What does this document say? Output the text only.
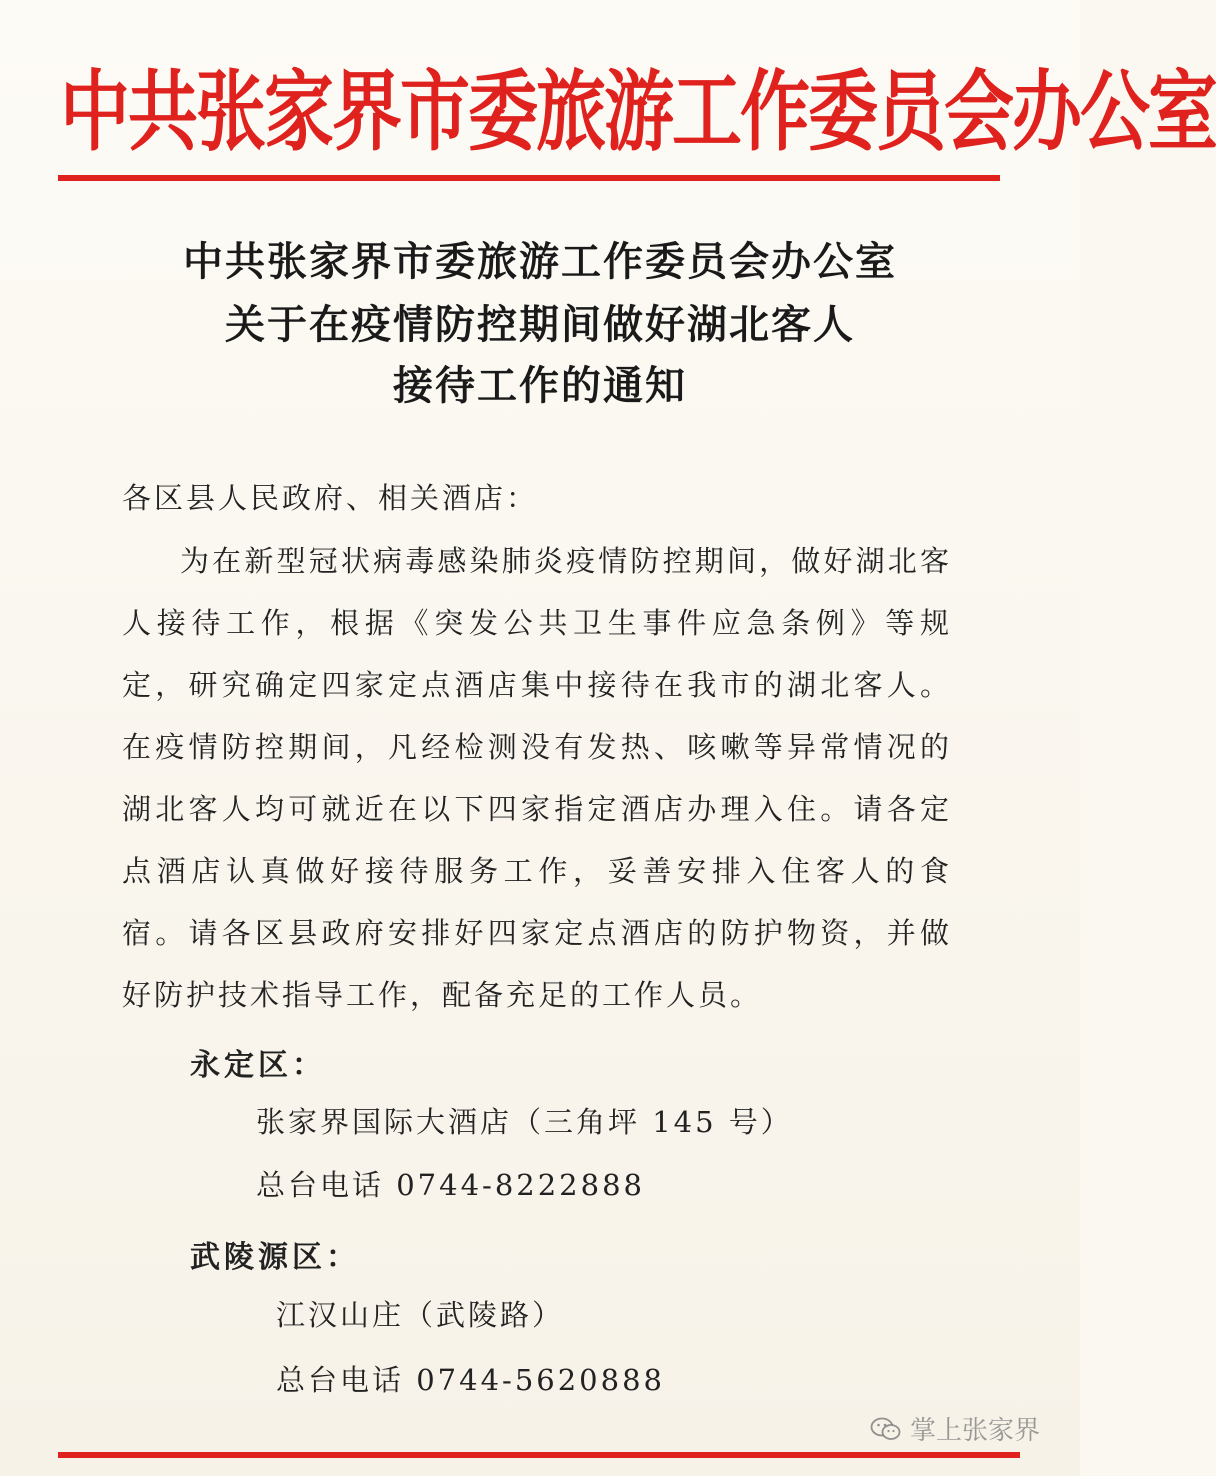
中共张家界市委旅游工作委员会办公室
中共张家界市委旅游工作委员会办公室
关于在疫情防控期间做好湖北客人
接待工作的通知
各区县人民政府、相关酒店：
为在新型冠状病毒感染肺炎疫情防控期间，做好湖北客人接待工作，根据《突发公共卫生事件应急条例》等规定，研究确定四家定点酒店集中接待在我市的湖北客人。在疫情防控期间，凡经检测没有发热、咳嗽等异常情况的湖北客人均可就近在以下四家指定酒店办理入住。请各定点酒店认真做好接待服务工作，妥善安排入住客人的食宿。请各区县政府安排好四家定点酒店的防护物资，并做好防护技术指导工作，配备充足的工作人员。
永定区：
张家界国际大酒店（三角坪 145 号）
总台电话 0744-8222888
武陵源区：
江汉山庄（武陵路）
总台电话 0744-5620888
掌上张家界
